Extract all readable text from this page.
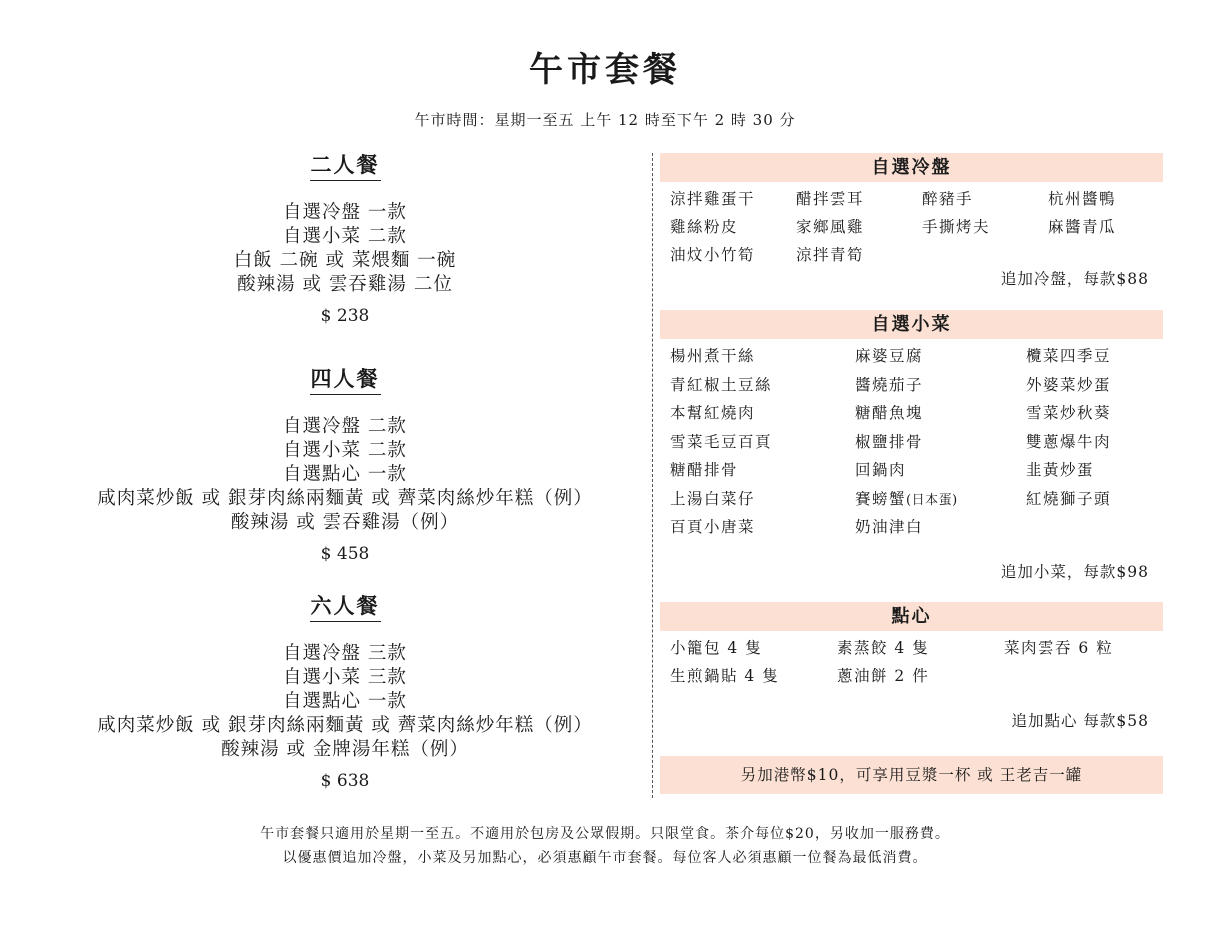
午市套餐
午市時間：星期一至五 上午 12 時至下午 2 時 30 分
二人餐
自選冷盤 一款
自選小菜 二款
白飯 二碗 或 菜煨麵 一碗
酸辣湯 或 雲吞雞湯 二位
$ 238
四人餐
自選冷盤 二款
自選小菜 二款
自選點心 一款
咸肉菜炒飯 或 銀芽肉絲兩麵黃 或 薺菜肉絲炒年糕（例）
酸辣湯 或 雲吞雞湯（例）
$ 458
六人餐
自選冷盤 三款
自選小菜 三款
自選點心 一款
咸肉菜炒飯 或 銀芽肉絲兩麵黃 或 薺菜肉絲炒年糕（例）
酸辣湯 或 金牌湯年糕（例）
$ 638
自選冷盤
涼拌雞蛋干	醋拌雲耳	醉豬手	杭州醬鴨
雞絲粉皮	家鄉風雞	手撕烤夫	麻醬青瓜
油炆小竹筍	涼拌青筍
追加冷盤，每款$88
自選小菜
楊州煮干絲	麻婆豆腐	欖菜四季豆
青紅椒土豆絲	醬燒茄子	外婆菜炒蛋
本幫紅燒肉	糖醋魚塊	雪菜炒秋葵
雪菜毛豆百頁	椒鹽排骨	雙蔥爆牛肉
糖醋排骨	回鍋肉	韭黃炒蛋
上湯白菜仔	賽螃蟹(日本蛋)	紅燒獅子頭
百頁小唐菜	奶油津白
追加小菜，每款$98
點心
小籠包 4 隻	素蒸餃 4 隻	菜肉雲吞 6 粒
生煎鍋貼 4 隻	蔥油餅 2 件
追加點心 每款$58
另加港幣$10，可享用豆漿一杯 或 王老吉一罐
午市套餐只適用於星期一至五。不適用於包房及公眾假期。只限堂食。茶介每位$20，另收加一服務費。
以優惠價追加冷盤，小菜及另加點心，必須惠顧午市套餐。每位客人必須惠顧一位餐為最低消費。
